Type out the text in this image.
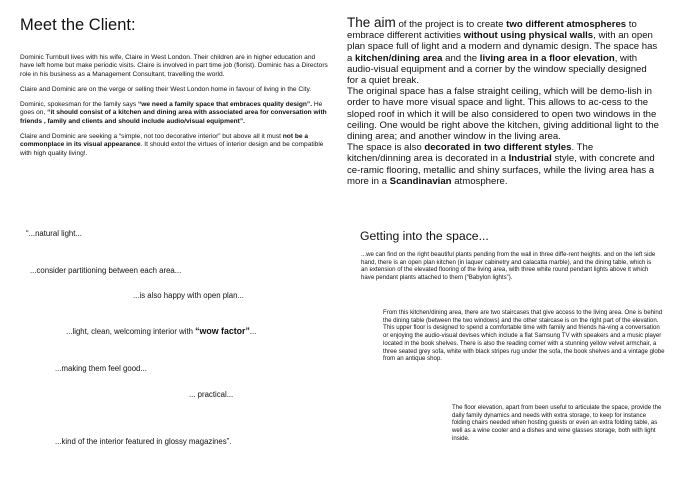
Meet the Client:

Dominic Turnbull lives with his wife, Claire in West London. Their children are in higher education and have left home but make periodic visits. Claire is involved in part time job (florist). Dominic has a Directors role in his business as a Management Consultant, travelling the world.

Claire and Dominic are on the verge or selling their West London home in favour of living in the City.

Dominic, spokesman for the family says “we need a family space that embraces quality design”. He goes on, “it should consist of a kitchen and dining area with associated area for conversation with friends , family and clients and should include audio/visual equipment”.

Claire and Dominic are seeking a “simple, not too decorative interior” but above all it must not be a commonplace in its visual appearance. It should extol the virtues of interior design and be compatible with high quality living!.

“...natural light...
...consider partitioning between each area...
...is also happy with open plan...
...light, clean, welcoming interior with “wow factor”...
...making them feel good...
... practical...
...kind of the interior featured in glossy magazines”.
The aim of the project is to create two different atmospheres to embrace different activities without using physical walls, with an open plan space full of light and a modern and dynamic design. The space has a kitchen/dining area and the living area in a floor elevation, with audio-visual equipment and a corner by the window specially designed for a quiet break.
The original space has a false straight ceiling, which will be demo-lish in order to have more visual space and light. This allows to ac-cess to the sloped roof in which it will be also considered to open two windows in the ceiling. One would be right above the kitchen, giving additional light to the dining area; and another window in the living area.
The space is also decorated in two different styles. The kitchen/dinning area is decorated in a Industrial style, with concrete and ce-ramic flooring, metallic and shiny surfaces, while the living area has a more in a Scandinavian atmosphere.
Getting into the space...
...we can find on the right beautiful plants pending from the wall in three diffe-rent heights. and on the left side hand, there is an open plan kitchen (in laquer cabinetry and calacatta marble), and the dining table, which is an extension of the elevated flooring of the living area, with three white round pendant lights above it which have pendant plants attached to them (“Babylon lights”).
From this kitchen/dining area, there are two staircases that give access to the living area. One is behind the dining table (between the two windows) and the other staircase is on the right part of the elevation. This upper floor is designed to spend a comfortable time with family and friends ha-ving a conversation or enjoying the audio-visual devises which include a flat Samsung TV with speakers and a music player located in the book shelves. There is also the reading corner with a stunning yellow velvet armchair, a three seated grey sofa, white with black stripes rug under the sofa, the book shelves and a vintage globe from an antique shop.
The floor elevation, apart from been useful to articulate the space, provide the daily family dynamics and needs with extra storage, to keep for instance folding chairs needed when hosting guests or even an extra folding table, as well as a wine cooler and a dishes and wine glasses storage, both with light inside.
